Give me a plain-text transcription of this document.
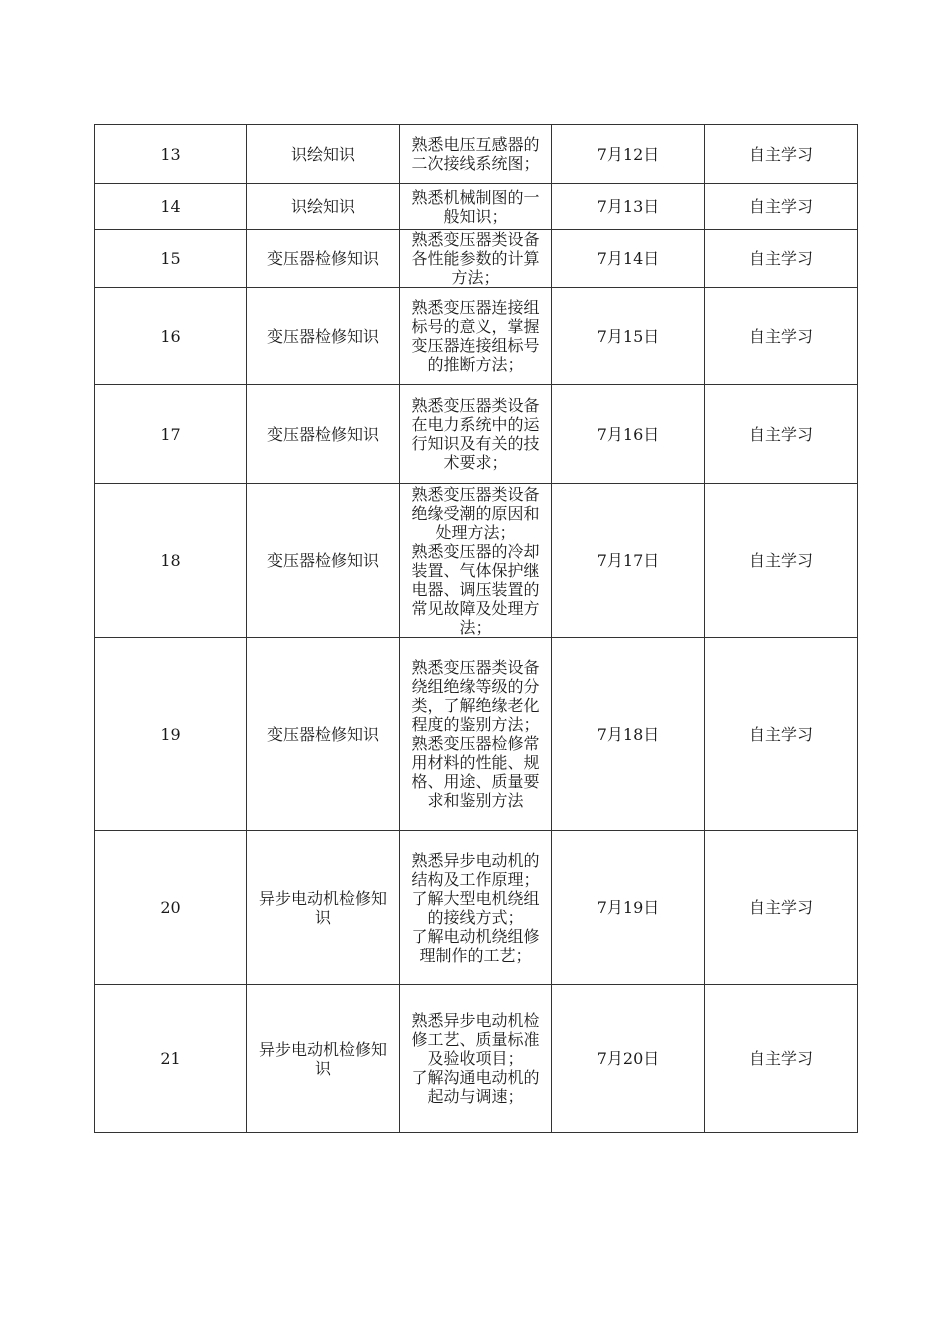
13	识绘知识	熟悉电压互感器的二次接线系统图；	7月12日	自主学习
14	识绘知识	熟悉机械制图的一般知识；	7月13日	自主学习
15	变压器检修知识	熟悉变压器类设备各性能参数的计算方法；	7月14日	自主学习
16	变压器检修知识	熟悉变压器连接组标号的意义，掌握变压器连接组标号的推断方法；	7月15日	自主学习
17	变压器检修知识	熟悉变压器类设备在电力系统中的运行知识及有关的技术要求；	7月16日	自主学习
18	变压器检修知识	熟悉变压器类设备绝缘受潮的原因和处理方法；
熟悉变压器的冷却装置、气体保护继电器、调压装置的常见故障及处理方法；	7月17日	自主学习
19	变压器检修知识	熟悉变压器类设备绕组绝缘等级的分类，了解绝缘老化程度的鉴别方法；
熟悉变压器检修常用材料的性能、规格、用途、质量要求和鉴别方法	7月18日	自主学习
20	异步电动机检修知识	熟悉异步电动机的结构及工作原理；
了解大型电机绕组的接线方式；
了解电动机绕组修理制作的工艺；	7月19日	自主学习
21	异步电动机检修知识	熟悉异步电动机检修工艺、质量标准及验收项目；
了解沟通电动机的起动与调速；	7月20日	自主学习
